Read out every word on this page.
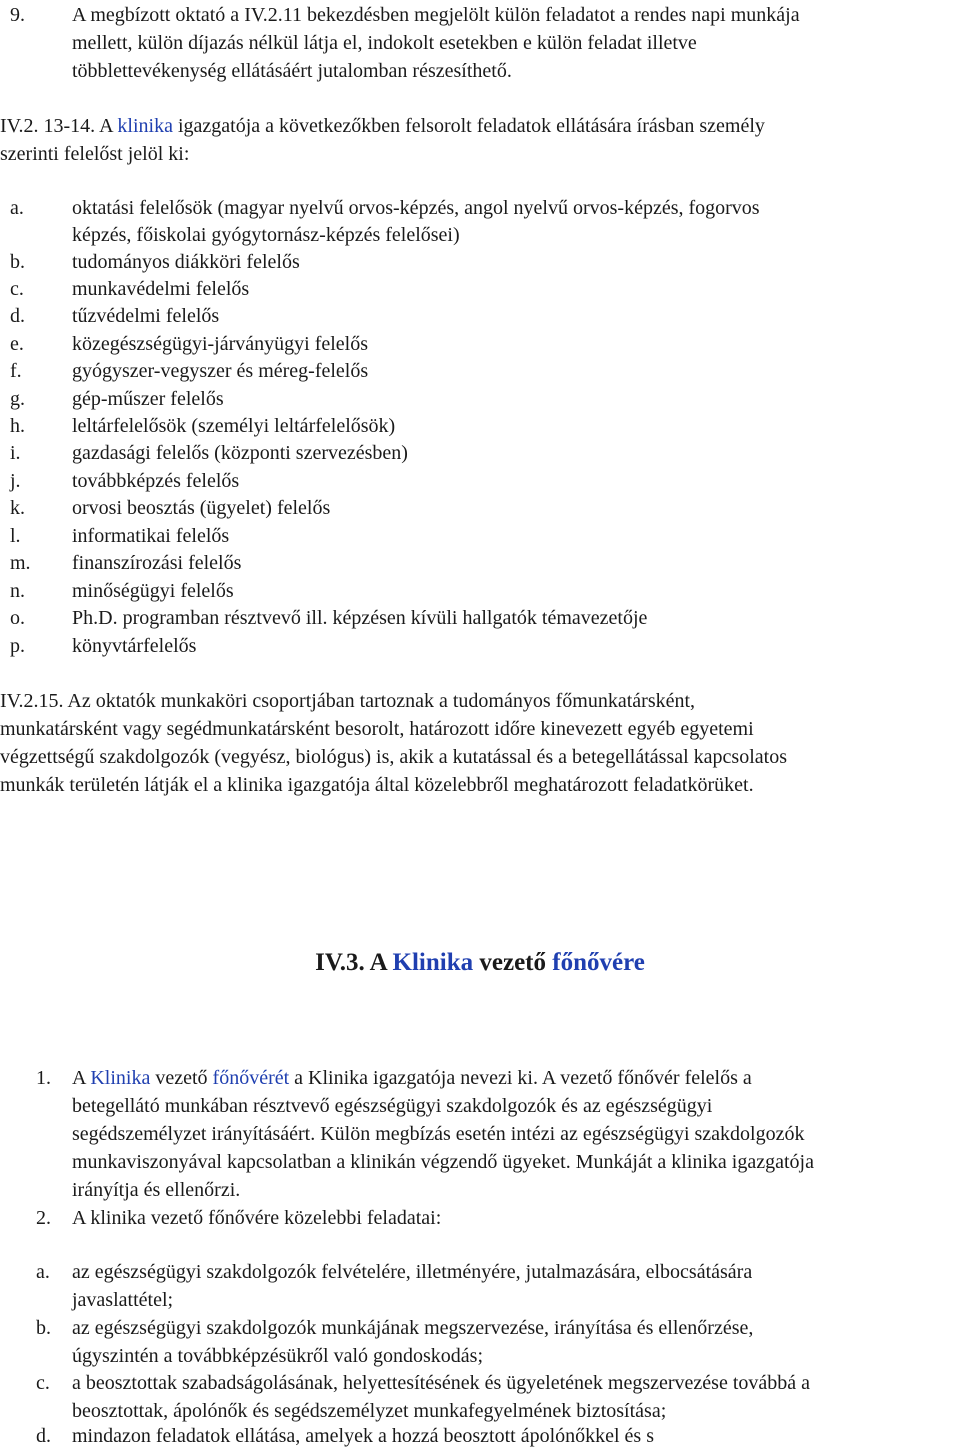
9. A megbízott oktató a IV.2.11 bekezdésben megjelölt külön feladatot a rendes napi munkája
mellett, külön díjazás nélkül látja el, indokolt esetekben e külön feladat illetve
többlettevékenység ellátásáért jutalomban részesíthető.
IV.2. 13-14. A klinika igazgatója a következőkben felsorolt feladatok ellátására írásban személy
szerinti felelőst jelöl ki:
a. oktatási felelősök (magyar nyelvű orvos-képzés, angol nyelvű orvos-képzés, fogorvos
képzés, főiskolai gyógytornász-képzés felelősei)
b. tudományos diákköri felelős
c. munkavédelmi felelős
d. tűzvédelmi felelős
e. közegészségügyi-járványügyi felelős
f.	gyógyszer-vegyszer és méreg-felelős
g. gép-műszer felelős
h. leltárfelelősök (személyi leltárfelelősök)
i.	gazdasági felelős (központi szervezésben)
j.	továbbképzés felelős
k. orvosi beosztás (ügyelet) felelős
l.	informatikai felelős
m. finanszírozási felelős
n. minőségügyi felelős
o. Ph.D. programban résztvevő ill. képzésen kívüli hallgatók témavezetője
p. könyvtárfelelős
IV.2.15. Az oktatók munkaköri csoportjában tartoznak a tudományos főmunkatársként,
munkatársként vagy segédmunkatársként besorolt, határozott időre kinevezett egyéb egyetemi
végzettségű szakdolgozók (vegyész, biológus) is, akik a kutatással és a betegellátással kapcsolatos
munkák területén látják el a klinika igazgatója által közelebbről meghatározott feladatkörüket.
IV.3. A Klinika vezető főnővére
1. A Klinika vezető főnővérét a Klinika igazgatója nevezi ki. A vezető főnővér felelős a
betegellátó munkában résztvevő egészségügyi szakdolgozók és az egészségügyi
segédszemélyzet irányításáért. Külön megbízás esetén intézi az egészségügyi szakdolgozók
munkaviszonyával kapcsolatban a klinikán végzendő ügyeket. Munkáját a klinika igazgatója
irányítja és ellenőrzi.
2. A klinika vezető főnővére közelebbi feladatai:
a. az egészségügyi szakdolgozók felvételére, illetményére, jutalmazására, elbocsátására
javaslattétel;
b. az egészségügyi szakdolgozók munkájának megszervezése, irányítása és ellenőrzése,
úgyszintén a továbbképzésükről való gondoskodás;
c. a beosztottak szabadságolásának, helyettesítésének és ügyeletének megszervezése továbbá a
beosztottak, ápolónők és segédszemélyzet munkafegyelmének biztosítása;
d. mindazon feladatok ellátása, amelyek a hozzá beosztott ápolónőkkel és s
